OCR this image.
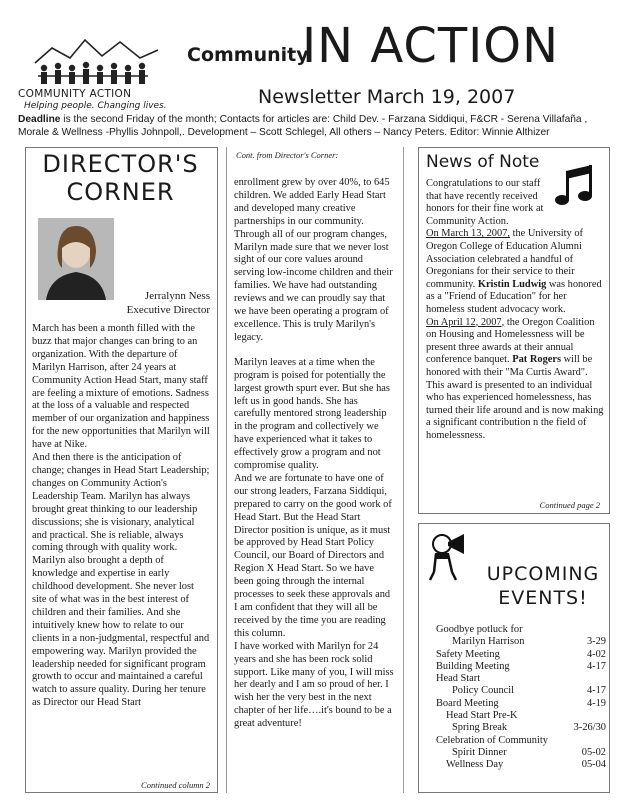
COMMUNITY ACTION
Helping people. Changing lives.
Community
IN ACTION
Newsletter March 19, 2007
Deadline is the second Friday of the month; Contacts for articles are: Child Dev. - Farzana Siddiqui, F&CR - Serena Villafaña , Morale & Wellness -Phyllis Johnpoll,. Development – Scott Schlegel, All others – Nancy Peters. Editor: Winnie Althizer
DIRECTOR'S CORNER
Jerralynn Ness
Executive Director
March has been a month filled with the buzz that major changes can bring to an organization. With the departure of Marilyn Harrison, after 24 years at Community Action Head Start, many staff are feeling a mixture of emotions. Sadness at the loss of a valuable and respected member of our organization and happiness for the new opportunities that Marilyn will have at Nike.
And then there is the anticipation of change; changes in Head Start Leadership; changes on Community Action's Leadership Team. Marilyn has always brought great thinking to our leadership discussions; she is visionary, analytical and practical. She is reliable, always coming through with quality work.
Marilyn also brought a depth of knowledge and expertise in early childhood development. She never lost site of what was in the best interest of children and their families. And she intuitively knew how to relate to our clients in a non-judgmental, respectful and empowering way. Marilyn provided the leadership needed for significant program growth to occur and maintained a careful watch to assure quality. During her tenure as Director our Head Start
Continued column 2
Cont. from Director's Corner:
enrollment grew by over 40%, to 645 children. We added Early Head Start and developed many creative partnerships in our community. Through all of our program changes, Marilyn made sure that we never lost sight of our core values around serving low-income children and their families. We have had outstanding reviews and we can proudly say that we have been operating a program of excellence. This is truly Marilyn's legacy.
Marilyn leaves at a time when the program is poised for potentially the largest growth spurt ever. But she has left us in good hands. She has carefully mentored strong leadership in the program and collectively we have experienced what it takes to effectively grow a program and not compromise quality.
And we are fortunate to have one of our strong leaders, Farzana Siddiqui, prepared to carry on the good work of Head Start. But the Head Start Director position is unique, as it must be approved by Head Start Policy Council, our Board of Directors and Region X Head Start. So we have been going through the internal processes to seek these approvals and I am confident that they will all be received by the time you are reading this column.
I have worked with Marilyn for 24 years and she has been rock solid support. Like many of you, I will miss her dearly and I am so proud of her. I wish her the very best in the next chapter of her life….it's bound to be a great adventure!
News of Note
Congratulations to our staff that have recently received honors for their fine work at Community Action.
On March 13, 2007, the University of Oregon College of Education Alumni Association celebrated a handful of Oregonians for their service to their community. Kristin Ludwig was honored as a "Friend of Education" for her homeless student advocacy work.
On April 12, 2007, the Oregon Coalition on Housing and Homelessness will be present three awards at their annual conference banquet. Pat Rogers will be honored with their "Ma Curtis Award". This award is presented to an individual who has experienced homelessness, has turned their life around and is now making a significant contribution n the field of homelessness.
Continued page 2
UPCOMING
EVENTS!
Goodbye potluck for
Marilyn Harrison	3-29
Safety Meeting	4-02
Building Meeting	4-17
Head Start
Policy Council	4-17
Board Meeting	4-19
Head Start Pre-K
Spring Break	3-26/30
Celebration of Community
Spirit Dinner	05-02
Wellness Day	05-04
